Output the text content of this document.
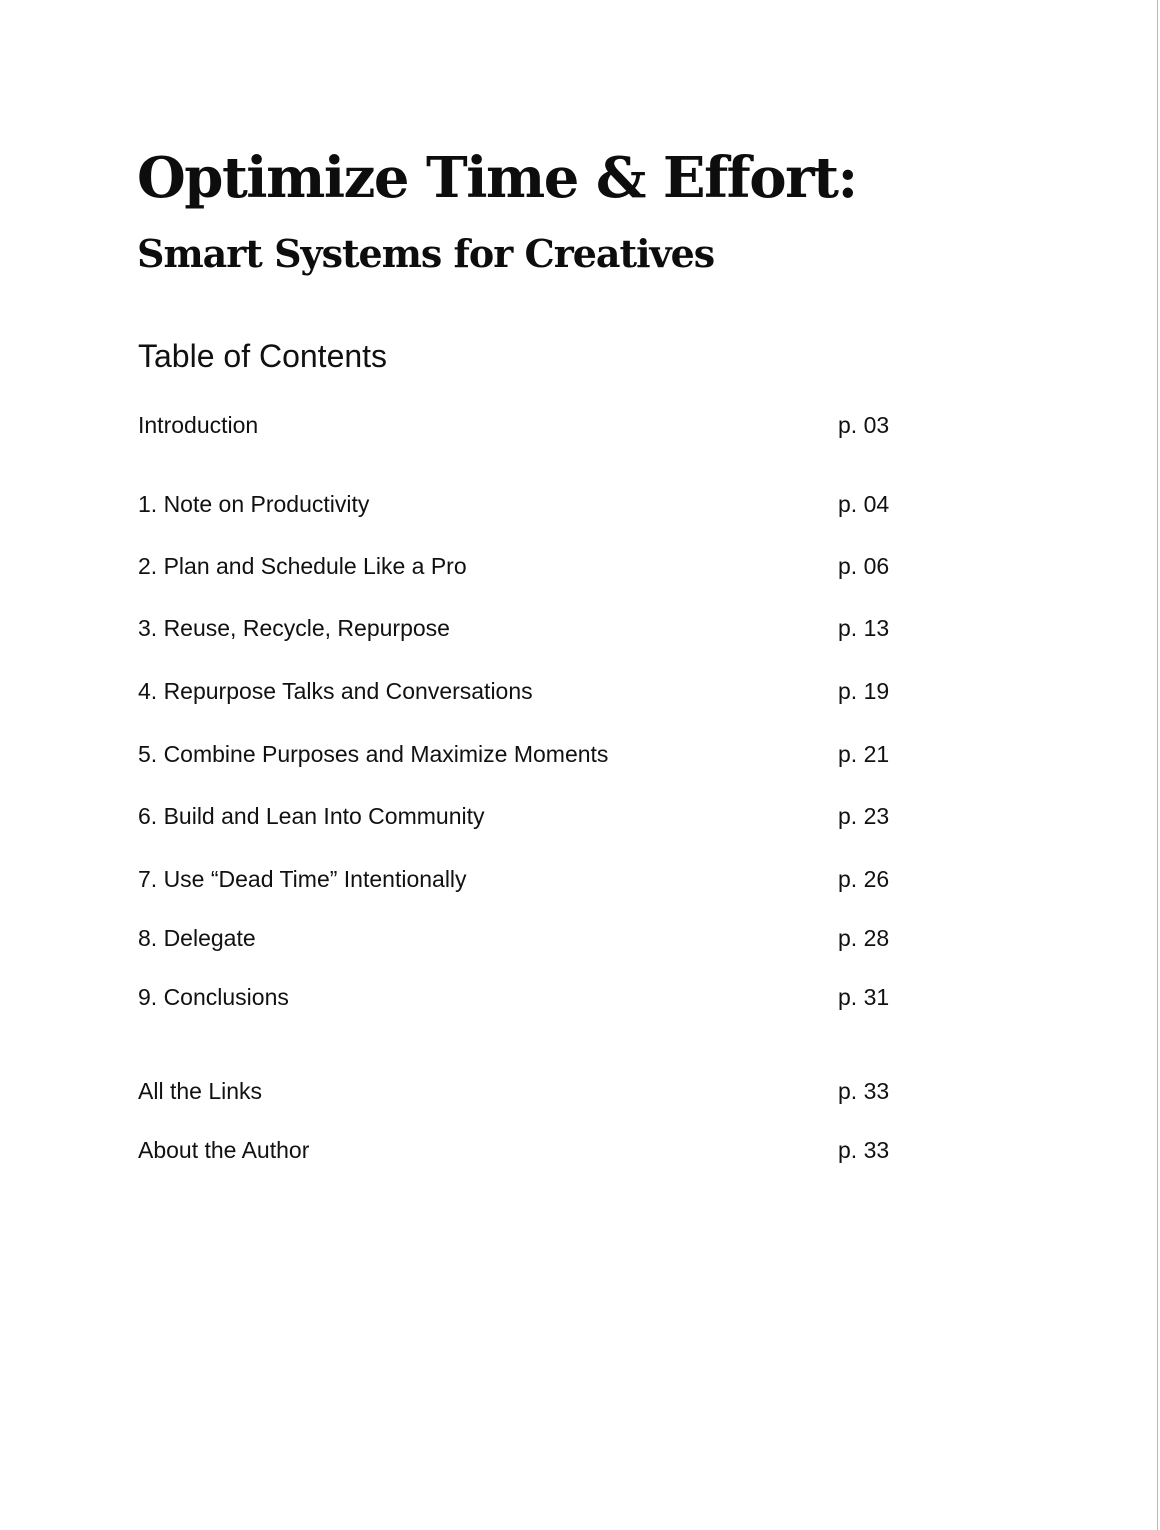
Optimize Time & Effort:
Smart Systems for Creatives
Table of Contents
Introduction	p. 03
1. Note on Productivity	p. 04
2. Plan and Schedule Like a Pro	p. 06
3. Reuse, Recycle, Repurpose	p. 13
4. Repurpose Talks and Conversations	p. 19
5. Combine Purposes and Maximize Moments	p. 21
6. Build and Lean Into Community	p. 23
7. Use “Dead Time” Intentionally	p. 26
8. Delegate	p. 28
9. Conclusions	p. 31
All the Links	p. 33
About the Author	p. 33
